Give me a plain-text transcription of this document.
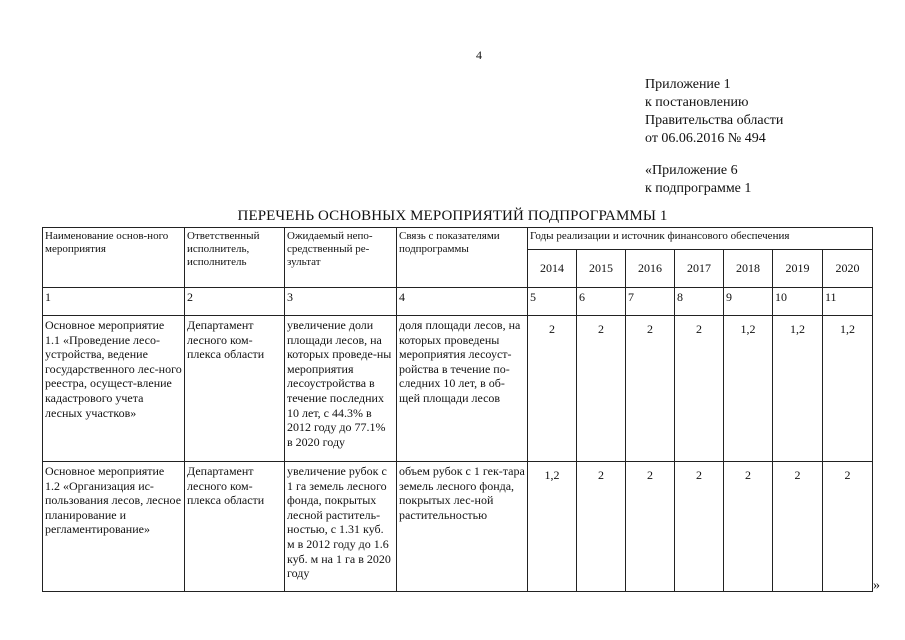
4
Приложение 1
к постановлению
Правительства области
от 06.06.2016 № 494
«Приложение 6
к подпрограмме 1
ПЕРЕЧЕНЬ ОСНОВНЫХ МЕРОПРИЯТИЙ ПОДПРОГРАММЫ 1
Наименование основ-ного мероприятия	Ответственный исполнитель, исполнитель	Ожидаемый непо-средственный ре-зультат	Связь с показателями подпрограммы	Годы реализации и источник финансового обеспечения						
				2014	2015	2016	2017	2018	2019	2020
1	2	3	4	5	6	7	8	9	10	11
Основное мероприятие 1.1 «Проведение лесо-устройства, ведение государственного лес-ного реестра, осущест-вление кадастрового учета лесных участков»	Департамент лесного ком-плекса области	увеличение доли площади лесов, на которых проведе-ны мероприятия лесоустройства в течение последних 10 лет, с 44.3% в 2012 году до 77.1% в 2020 году	доля площади лесов, на которых проведены мероприятия лесоуст-ройства в течение по-следних 10 лет, в об-щей площади лесов	2	2	2	2	1,2	1,2	1,2
Основное мероприятие 1.2 «Организация ис-пользования лесов, лесное планирование и регламентирование»	Департамент лесного ком-плекса области	увеличение рубок с 1 га земель лесного фонда, покрытых лесной раститель-ностью, с 1.31 куб. м в 2012 году до 1.6 куб. м на 1 га в 2020 году	объем рубок с 1 гек-тара земель лесного фонда, покрытых лес-ной растительностью	1,2	2	2	2	2	2	2
»
